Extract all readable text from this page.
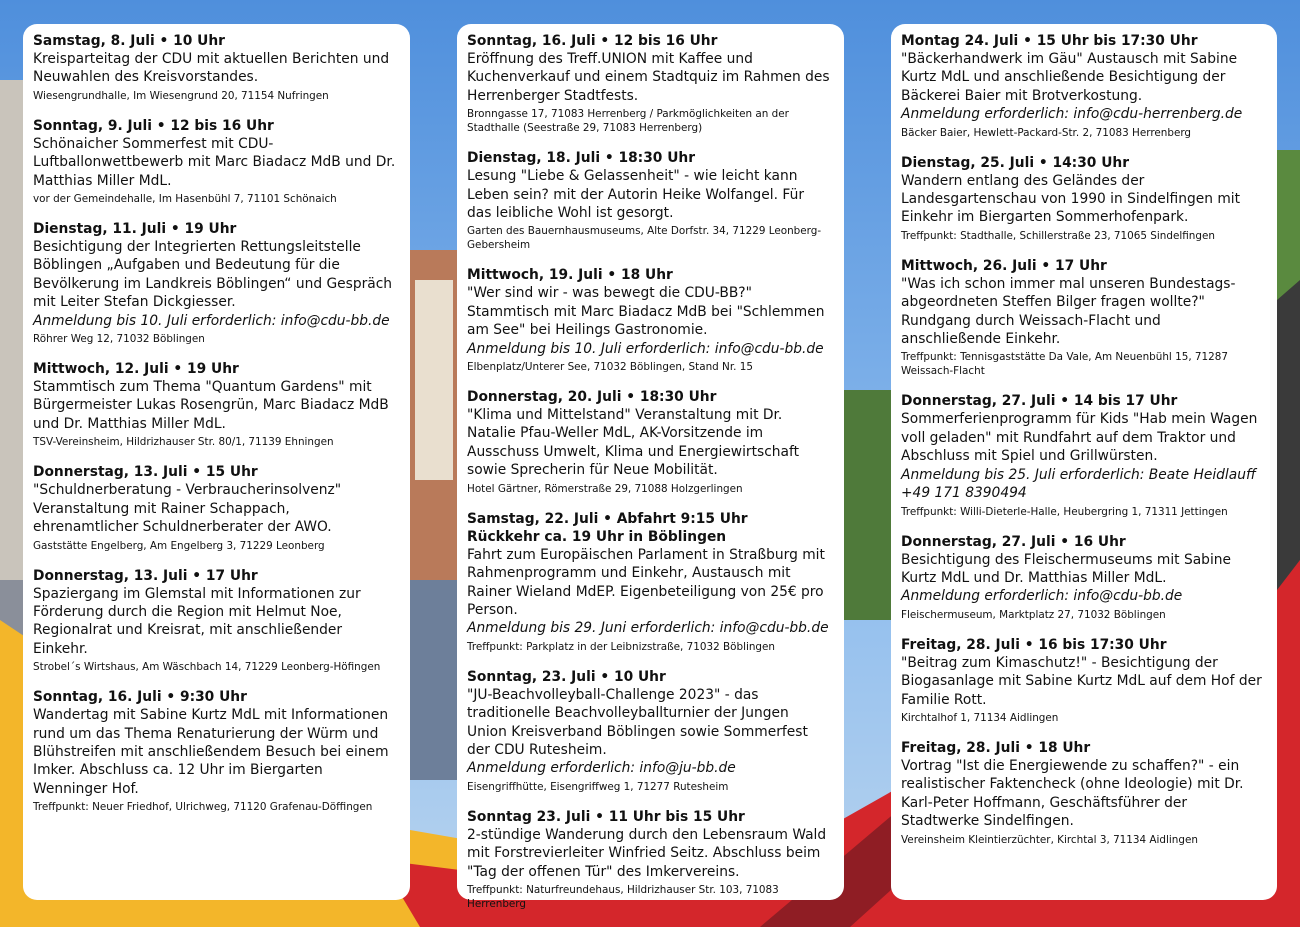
Samstag, 8. Juli • 10 Uhr
Kreisparteitag der CDU mit aktuellen Berichten und Neuwahlen des Kreisvorstandes.
Wiesengrundhalle, Im Wiesengrund 20, 71154 Nufringen
Sonntag, 9. Juli • 12 bis 16 Uhr
Schönaicher Sommerfest mit CDU-Luftballonwettbewerb mit Marc Biadacz MdB und Dr. Matthias Miller MdL.
vor der Gemeindehalle, Im Hasenbühl 7, 71101 Schönaich
Dienstag, 11. Juli • 19 Uhr
Besichtigung der Integrierten Rettungsleitstelle Böblingen „Aufgaben und Bedeutung für die Bevölkerung im Landkreis Böblingen“ und Gespräch mit Leiter Stefan Dickgiesser.
Anmeldung bis 10. Juli erforderlich: info@cdu-bb.de
Röhrer Weg 12, 71032 Böblingen
Mittwoch, 12. Juli • 19 Uhr
Stammtisch zum Thema "Quantum Gardens" mit Bürgermeister Lukas Rosengrün, Marc Biadacz MdB und Dr. Matthias Miller MdL.
TSV-Vereinsheim, Hildrizhauser Str. 80/1, 71139 Ehningen
Donnerstag, 13. Juli • 15 Uhr
"Schuldnerberatung - Verbraucherinsolvenz" Veranstaltung mit Rainer Schappach, ehrenamtlicher Schuldnerberater der AWO.
Gaststätte Engelberg, Am Engelberg 3, 71229 Leonberg
Donnerstag, 13. Juli • 17 Uhr
Spaziergang im Glemstal mit Informationen zur Förderung durch die Region mit Helmut Noe, Regionalrat und Kreisrat, mit anschließender Einkehr.
Strobel´s Wirtshaus, Am Wäschbach 14, 71229 Leonberg-Höfingen
Sonntag, 16. Juli • 9:30 Uhr
Wandertag mit Sabine Kurtz MdL mit Informationen rund um das Thema Renaturierung der Würm und Blühstreifen mit anschließendem Besuch bei einem Imker. Abschluss ca. 12 Uhr im Biergarten Wenninger Hof.
Treffpunkt: Neuer Friedhof, Ulrichweg, 71120 Grafenau-Döffingen
Sonntag, 16. Juli • 12 bis 16 Uhr
Eröffnung des Treff.UNION mit Kaffee und Kuchenverkauf und einem Stadtquiz im Rahmen des Herrenberger Stadtfests.
Bronngasse 17, 71083 Herrenberg / Parkmöglichkeiten an der Stadthalle (Seestraße 29, 71083 Herrenberg)
Dienstag, 18. Juli • 18:30 Uhr
Lesung "Liebe & Gelassenheit" - wie leicht kann Leben sein? mit der Autorin Heike Wolfangel. Für das leibliche Wohl ist gesorgt.
Garten des Bauernhausmuseums, Alte Dorfstr. 34, 71229 Leonberg-Gebersheim
Mittwoch, 19. Juli • 18 Uhr
"Wer sind wir - was bewegt die CDU-BB?" Stammtisch mit Marc Biadacz MdB bei "Schlemmen am See" bei Heilings Gastronomie.
Anmeldung bis 10. Juli erforderlich: info@cdu-bb.de
Elbenplatz/Unterer See, 71032 Böblingen, Stand Nr. 15
Donnerstag, 20. Juli • 18:30 Uhr
"Klima und Mittelstand" Veranstaltung mit Dr. Natalie Pfau-Weller MdL, AK-Vorsitzende im Ausschuss Umwelt, Klima und Energiewirtschaft sowie Sprecherin für Neue Mobilität.
Hotel Gärtner, Römerstraße 29, 71088 Holzgerlingen
Samstag, 22. Juli • Abfahrt 9:15 Uhr
Rückkehr ca. 19 Uhr in Böblingen
Fahrt zum Europäischen Parlament in Straßburg mit Rahmenprogramm und Einkehr, Austausch mit Rainer Wieland MdEP. Eigenbeteiligung von 25€ pro Person.
Anmeldung bis 29. Juni erforderlich: info@cdu-bb.de
Treffpunkt: Parkplatz in der Leibnizstraße, 71032 Böblingen
Sonntag, 23. Juli • 10 Uhr
"JU-Beachvolleyball-Challenge 2023" - das traditionelle Beachvolleyballturnier der Jungen Union Kreisverband Böblingen sowie Sommerfest der CDU Rutesheim.
Anmeldung erforderlich: info@ju-bb.de
Eisengriffhütte, Eisengriffweg 1, 71277 Rutesheim
Sonntag 23. Juli • 11 Uhr bis 15 Uhr
2-stündige Wanderung durch den Lebensraum Wald mit Forstrevierleiter Winfried Seitz. Abschluss beim "Tag der offenen Tür" des Imkervereins.
Treffpunkt: Naturfreundehaus, Hildrizhauser Str. 103, 71083 Herrenberg
Montag 24. Juli • 15 Uhr bis 17:30 Uhr
"Bäckerhandwerk im Gäu" Austausch mit Sabine Kurtz MdL und anschließende Besichtigung der Bäckerei Baier mit Brotverkostung.
Anmeldung erforderlich: info@cdu-herrenberg.de
Bäcker Baier, Hewlett-Packard-Str. 2, 71083 Herrenberg
Dienstag, 25. Juli • 14:30 Uhr
Wandern entlang des Geländes der Landesgartenschau von 1990 in Sindelfingen mit Einkehr im Biergarten Sommerhofenpark.
Treffpunkt: Stadthalle, Schillerstraße 23, 71065 Sindelfingen
Mittwoch, 26. Juli • 17 Uhr
"Was ich schon immer mal unseren Bundestags-abgeordneten Steffen Bilger fragen wollte?" Rundgang durch Weissach-Flacht und anschließende Einkehr.
Treffpunkt: Tennisgaststätte Da Vale, Am Neuenbühl 15, 71287 Weissach-Flacht
Donnerstag, 27. Juli • 14 bis 17 Uhr
Sommerferienprogramm für Kids "Hab mein Wagen voll geladen" mit Rundfahrt auf dem Traktor und Abschluss mit Spiel und Grillwürsten.
Anmeldung bis 25. Juli erforderlich: Beate Heidlauff +49 171 8390494
Treffpunkt: Willi-Dieterle-Halle, Heubergring 1, 71311 Jettingen
Donnerstag, 27. Juli • 16 Uhr
Besichtigung des Fleischermuseums mit Sabine Kurtz MdL und Dr. Matthias Miller MdL.
Anmeldung erforderlich: info@cdu-bb.de
Fleischermuseum, Marktplatz 27, 71032 Böblingen
Freitag, 28. Juli • 16 bis 17:30 Uhr
"Beitrag zum Kimaschutz!" - Besichtigung der Biogasanlage mit Sabine Kurtz MdL auf dem Hof der Familie Rott.
Kirchtalhof 1, 71134 Aidlingen
Freitag, 28. Juli • 18 Uhr
Vortrag "Ist die Energiewende zu schaffen?" - ein realistischer Faktencheck (ohne Ideologie) mit Dr. Karl-Peter Hoffmann, Geschäftsführer der Stadtwerke Sindelfingen.
Vereinsheim Kleintierzüchter, Kirchtal 3, 71134 Aidlingen
